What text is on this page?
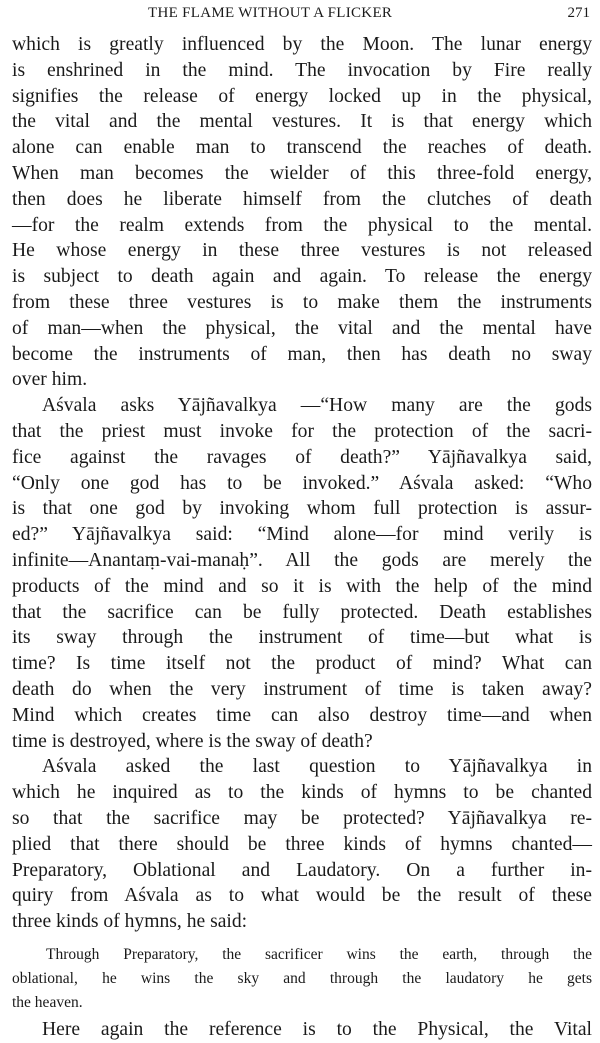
THE FLAME WITHOUT A FLICKER	271
which is greatly influenced by the Moon. The lunar energy
is enshrined in the mind. The invocation by Fire really
signifies the release of energy locked up in the physical,
the vital and the mental vestures. It is that energy which
alone can enable man to transcend the reaches of death.
When man becomes the wielder of this three-fold energy,
then does he liberate himself from the clutches of death
—for the realm extends from the physical to the mental.
He whose energy in these three vestures is not released
is subject to death again and again. To release the energy
from these three vestures is to make them the instruments
of man—when the physical, the vital and the mental have
become the instruments of man, then has death no sway
over him.
Aśvala asks Yājñavalkya —“How many are the gods
that the priest must invoke for the protection of the sacri-
fice against the ravages of death?” Yājñavalkya said,
“Only one god has to be invoked.” Aśvala asked: “Who
is that one god by invoking whom full protection is assur-
ed?” Yājñavalkya said: “Mind alone—for mind verily is
infinite—Anantaṃ-vai-manaḥ”. All the gods are merely the
products of the mind and so it is with the help of the mind
that the sacrifice can be fully protected. Death establishes
its sway through the instrument of time—but what is
time? Is time itself not the product of mind? What can
death do when the very instrument of time is taken away?
Mind which creates time can also destroy time—and when
time is destroyed, where is the sway of death?
Aśvala asked the last question to Yājñavalkya in
which he inquired as to the kinds of hymns to be chanted
so that the sacrifice may be protected? Yājñavalkya re-
plied that there should be three kinds of hymns chanted—
Preparatory, Oblational and Laudatory. On a further in-
quiry from Aśvala as to what would be the result of these
three kinds of hymns, he said:
Through Preparatory, the sacrificer wins the earth, through the
oblational, he wins the sky and through the laudatory he gets
the heaven.
Here again the reference is to the Physical, the Vital
